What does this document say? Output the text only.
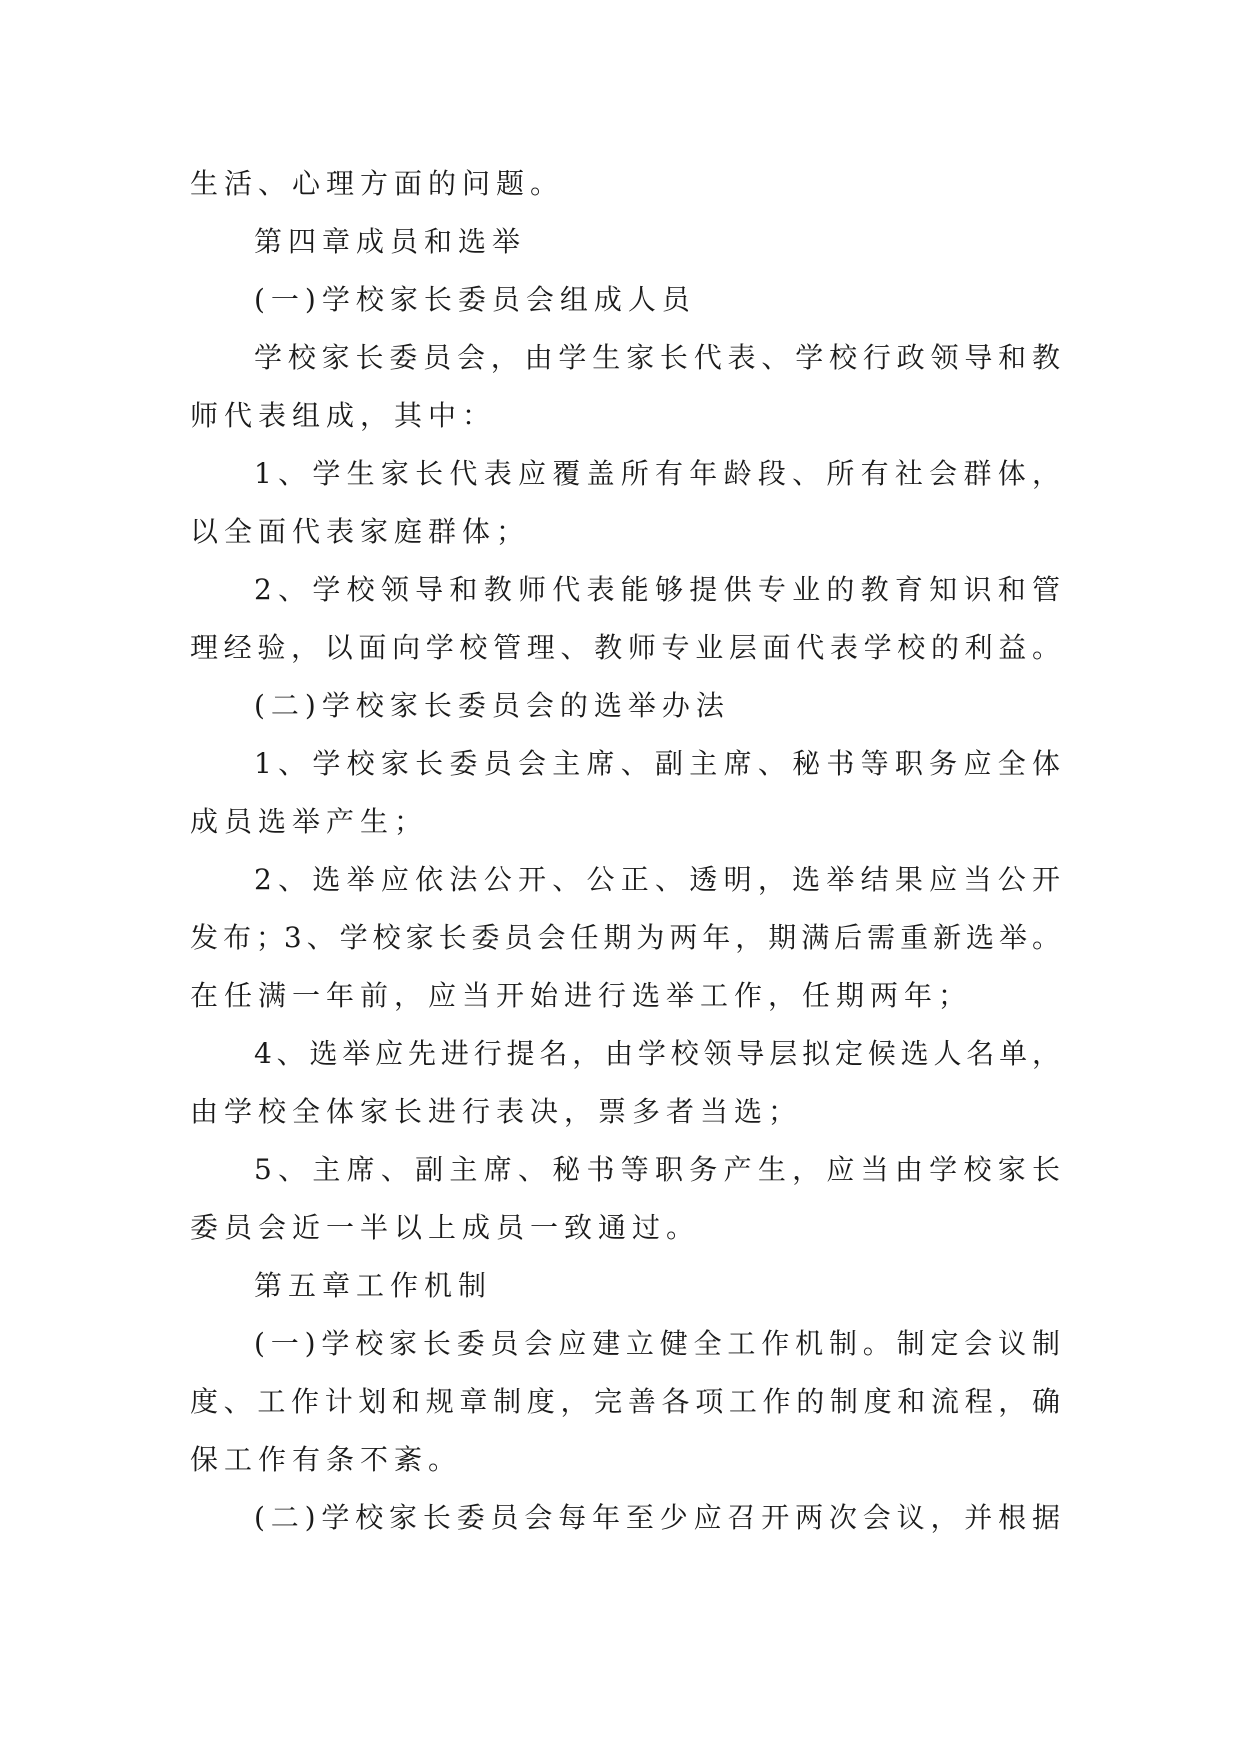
生活、心理方面的问题。
第四章成员和选举
(一)学校家长委员会组成人员
学校家长委员会，由学生家长代表、学校行政领导和教
师代表组成，其中：
1、学生家长代表应覆盖所有年龄段、所有社会群体，
以全面代表家庭群体；
2、学校领导和教师代表能够提供专业的教育知识和管
理经验，以面向学校管理、教师专业层面代表学校的利益。
(二)学校家长委员会的选举办法
1、学校家长委员会主席、副主席、秘书等职务应全体
成员选举产生；
2、选举应依法公开、公正、透明，选举结果应当公开
发布；3、学校家长委员会任期为两年，期满后需重新选举。
在任满一年前，应当开始进行选举工作，任期两年；
4、选举应先进行提名，由学校领导层拟定候选人名单，
由学校全体家长进行表决，票多者当选；
5、主席、副主席、秘书等职务产生，应当由学校家长
委员会近一半以上成员一致通过。
第五章工作机制
(一)学校家长委员会应建立健全工作机制。制定会议制
度、工作计划和规章制度，完善各项工作的制度和流程，确
保工作有条不紊。
(二)学校家长委员会每年至少应召开两次会议，并根据
